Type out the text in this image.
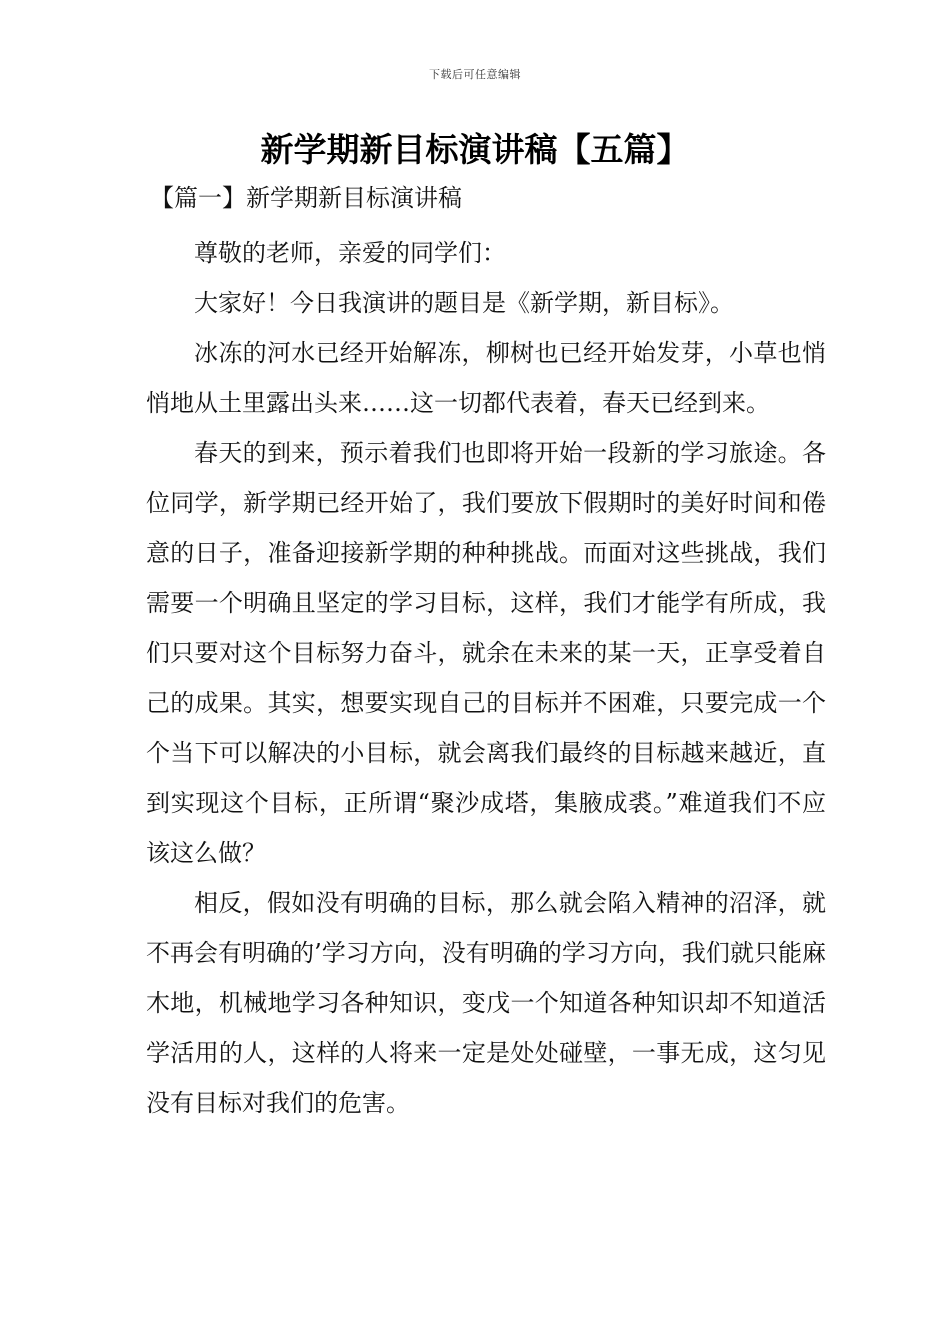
下载后可任意编辑
新学期新目标演讲稿【五篇】
【篇一】新学期新目标演讲稿

尊敬的老师，亲爱的同学们：

大家好！今日我演讲的题目是《新学期，新目标》。

冰冻的河水已经开始解冻，柳树也已经开始发芽，小草也悄悄地从土里露出头来……这一切都代表着，春天已经到来。

春天的到来，预示着我们也即将开始一段新的学习旅途。各位同学，新学期已经开始了，我们要放下假期时的美好时间和倦意的日子，准备迎接新学期的种种挑战。而面对这些挑战，我们需要一个明确且坚定的学习目标，这样，我们才能学有所成，我们只要对这个目标努力奋斗，就余在未来的某一天，正享受着自己的成果。其实，想要实现自己的目标并不困难，只要完成一个个当下可以解决的小目标，就会离我们最终的目标越来越近，直到实现这个目标，正所谓“聚沙成塔，集腋成裘。”难道我们不应该这么做？

相反，假如没有明确的目标，那么就会陷入精神的沼泽，就不再会有明确的’学习方向，没有明确的学习方向，我们就只能麻木地，机械地学习各种知识，变戊一个知道各种知识却不知道活学活用的人，这样的人将来一定是处处碰壁，一事无成，这匀见没有目标对我们的危害。
